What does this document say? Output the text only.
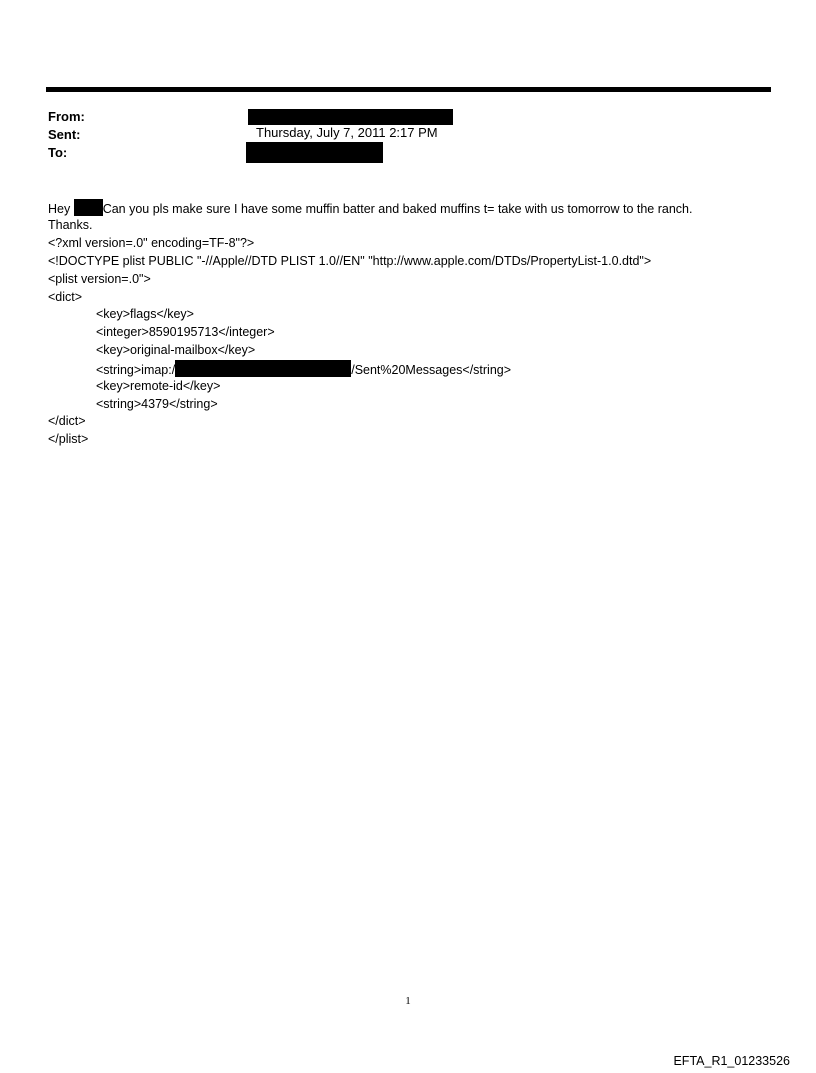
From:
Sent:	Thursday, July 7, 2011 2:17 PM
To:
Hey Can you pls make sure I have some muffin batter and baked muffins t= take with us tomorrow to the ranch.
Thanks.
<?xml version=.0" encoding=TF-8"?>
<!DOCTYPE plist PUBLIC "-//Apple//DTD PLIST 1.0//EN" "http://www.apple.com/DTDs/PropertyList-1.0.dtd">
<plist version=.0">
<dict>
<key>flags</key>
<integer>8590195713</integer>
<key>original-mailbox</key>
<string>imap:/	/Sent%20Messages</string>
<key>remote-id</key>
<string>4379</string>
</dict>
</plist>
1
EFTA_R1_01233526
